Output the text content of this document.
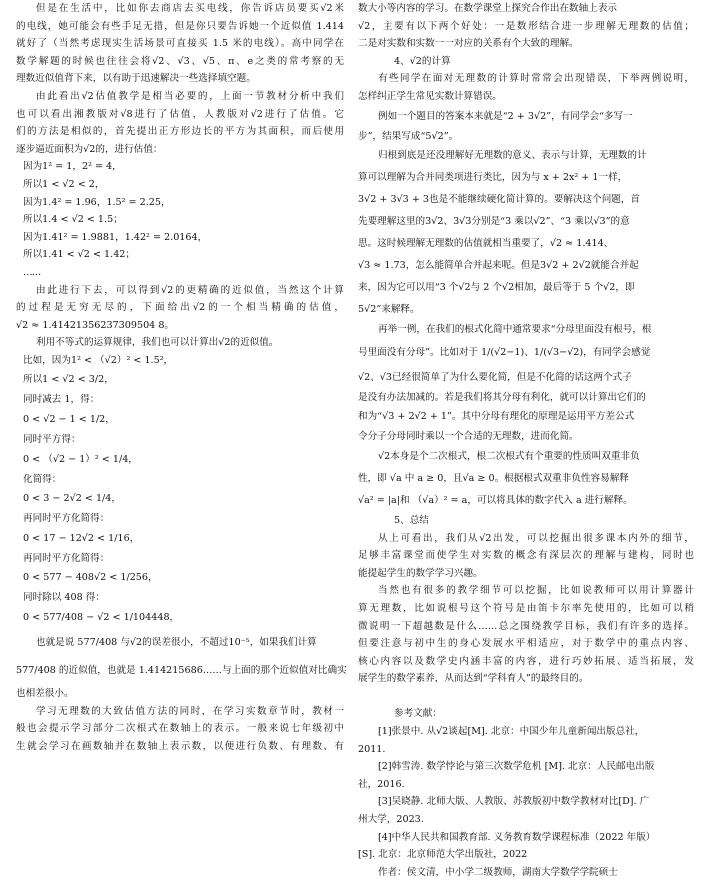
但是在生活中，比如你去商店去买电线，你告诉店员要买√2米
的电线，她可能会有些手足无措，但是你只要告诉她一个近似值 1.414
就好了（当然考虑现实生活场景可直接买 1.5 米的电线）。高中同学在
数学解题的时候也往往会将√2、√3、√5、π、e之类的常考察的无
理数近似值背下来，以有助于迅速解决一些选择填空题。
由此看出√2估值教学是相当必要的，上面一节教材分析中我们
也可以看出湘教版对√8进行了估值，人教版对√2进行了估值。它
们的方法是相似的，首先提出正方形边长的平方为其面积，而后使用
逐步逼近面积为√2的，进行估值：
因为1² = 1，2² = 4，
所以1 < √2 < 2，
因为1.4² = 1.96，1.5² = 2.25，
所以1.4 < √2 < 1.5；
因为1.41² = 1.9881，1.42² = 2.0164，
所以1.41 < √2 < 1.42；
……
由此进行下去，可以得到√2的更精确的近似值，当然这个计算
的过程是无穷无尽的，下面给出√2的一个相当精确的估值，
√2 ≈ 1.41421356237309504 8。
利用不等式的运算规律，我们也可以计算出√2的近似值。
比如，因为1² < （√2）² < 1.5²，
所以1 < √2 < 3/2，
同时减去 1，得：
0 < √2 − 1 < 1/2，
同时平方得：
0 < （√2 − 1）² < 1/4，
化简得：
0 < 3 − 2√2 < 1/4，
再同时平方化简得：
0 < 17 − 12√2 < 1/16，
再同时平方化简得：
0 < 577 − 408√2 < 1/256，
同时除以 408 得：
0 < 577/408 − √2 < 1/104448，
也就是说 577/408 与√2的误差很小，不超过10⁻⁵，如果我们计算
577/408 的近似值，也就是 1.414215686……与上面的那个近似值对比确实
也相差很小。
学习无理数的大致估值方法的同时，在学习实数章节时，教材一
般也会提示学习部分二次根式在数轴上的表示。一般来说七年级初中
生就会学习在画数轴并在数轴上表示数，以便进行负数、有理数、有
数大小等内容的学习。在数学课堂上探究合作出在数轴上表示
√2，主要有以下两个好处：一是数形结合进一步理解无理数的估值；
二是对实数和实数一一对应的关系有个大致的理解。
4、√2的计算
有些同学在面对无理数的计算时常常会出现错误，下举两例说明，
怎样纠正学生常见实数计算错误。
例如一个题目的答案本来就是“2 + 3√2”，有同学会“多写一
步”，结果写成“5√2”。
归根到底是还没理解好无理数的意义、表示与计算，无理数的计
算可以理解为合并同类项进行类比，因为与 x + 2x² + 1一样，
3√2 + 3√3 + 3也是不能继续硬化简计算的。要解决这个问题，首
先要理解这里的3√2、3√3分别是“3 乘以√2”、“3 乘以√3”的意
思。这时候理解无理数的估值就相当重要了，√2 ≈ 1.414、
√3 ≈ 1.73，怎么能简单合并起来呢。但是3√2 + 2√2就能合并起
来，因为它可以用“3 个√2与 2 个√2相加，最后等于 5 个√2，即
5√2”来解释。
再举一例，在我们的根式化简中通常要求“分母里面没有根号，根
号里面没有分母”。比如对于 1/(√2−1)、1/(√3−√2)，有同学会感觉
√2、√3已经很简单了为什么要化简，但是不化简的话这两个式子
是没有办法加减的。若是我们将其分母有利化，就可以计算出它们的
和为“√3 + 2√2 + 1”。其中分母有理化的原理是运用平方差公式
令分子分母同时乘以一个合适的无理数，进而化简。
√2本身是个二次根式，根二次根式有个重要的性质叫双重非负
性，即 √a 中 a ≥ 0，且√a ≥ 0。根据根式双重非负性容易解释
√a² = |a|和 （√a）² = a，可以将具体的数字代入 a 进行解释。
5、总结
从上可看出，我们从√2出发，可以挖掘出很多课本内外的细节，
足够丰富课堂而使学生对实数的概念有深层次的理解与建构，同时也
能提起学生的数学学习兴趣。
当然也有很多的教学细节可以挖掘，比如说教师可以用计算器计
算无理数，比如说根号这个符号是由笛卡尔率先使用的，比如可以稍
微说明一下超越数是什么……总之围绕教学目标，我们有许多的选择。
但要注意与初中生的身心发展水平相适应，对于数学中的重点内容、
核心内容以及数学史内涵丰富的内容，进行巧妙拓展、适当拓展，发
展学生的数学素养，从而达到“学科育人”的最终目的。
参考文献：
[1]张景中. 从√2谈起[M]. 北京：中国少年儿童新闻出版总社，
2011.
[2]韩雪涛. 数学悖论与第三次数学危机 [M]. 北京：人民邮电出版
社，2016.
[3]吴晓静. 北师大版、人教版、苏教版初中数学教材对比[D]. 广
州大学，2023.
[4]中华人民共和国教育部. 义务教育数学课程标准（2022 年版）
[S]. 北京：北京师范大学出版社，2022
作者：侯文清，中小学二级教师，湖南大学数学学院硕士
